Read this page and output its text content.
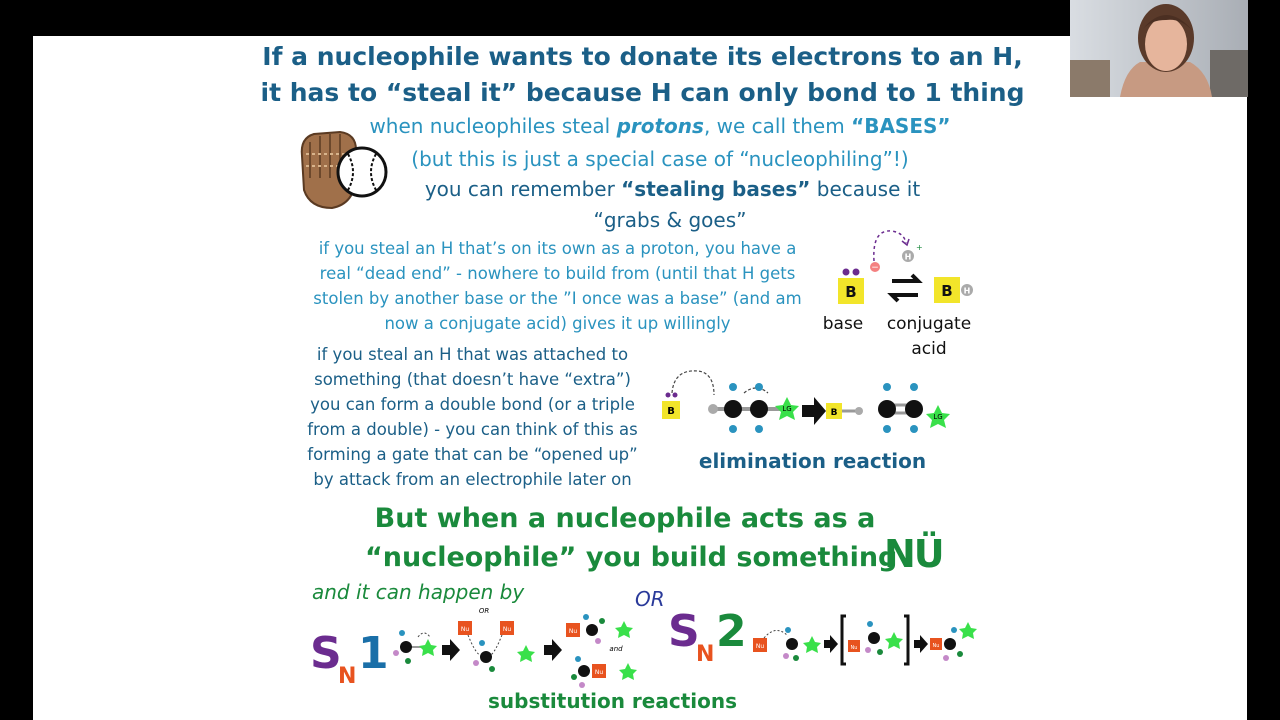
If a nucleophile wants to donate its electrons to an H,
it has to “steal it” because H can only bond to 1 thing
when nucleophiles steal protons, we call them “BASES”
(but this is just a special case of “nucleophiling”!)
you can remember “stealing bases” because it
“grabs & goes”
if you steal an H that’s on its own as a proton, you have a
real “dead end” - nowhere to build from (until that H gets
stolen by another base or the ”I once was a base” (and am
now a conjugate acid) gives it up willingly
H
+
−
B	B H
base	conjugate
acid
if you steal an H that was attached to
something (that doesn’t have “extra”)
you can form a double bond (or a triple
from a double) - you can think of this as
forming a gate that can be “opened up”
by attack from an electrophile later on
B	LG	B	LG
elimination reaction
But when a nucleophile acts as a
“nucleophile” you build something
NÜ
and it can happen by	OR
S
N 1	S
N 2
Nu	Nu
OR
Nu
and
Nu
Nu	Nu	Nu
substitution reactions
